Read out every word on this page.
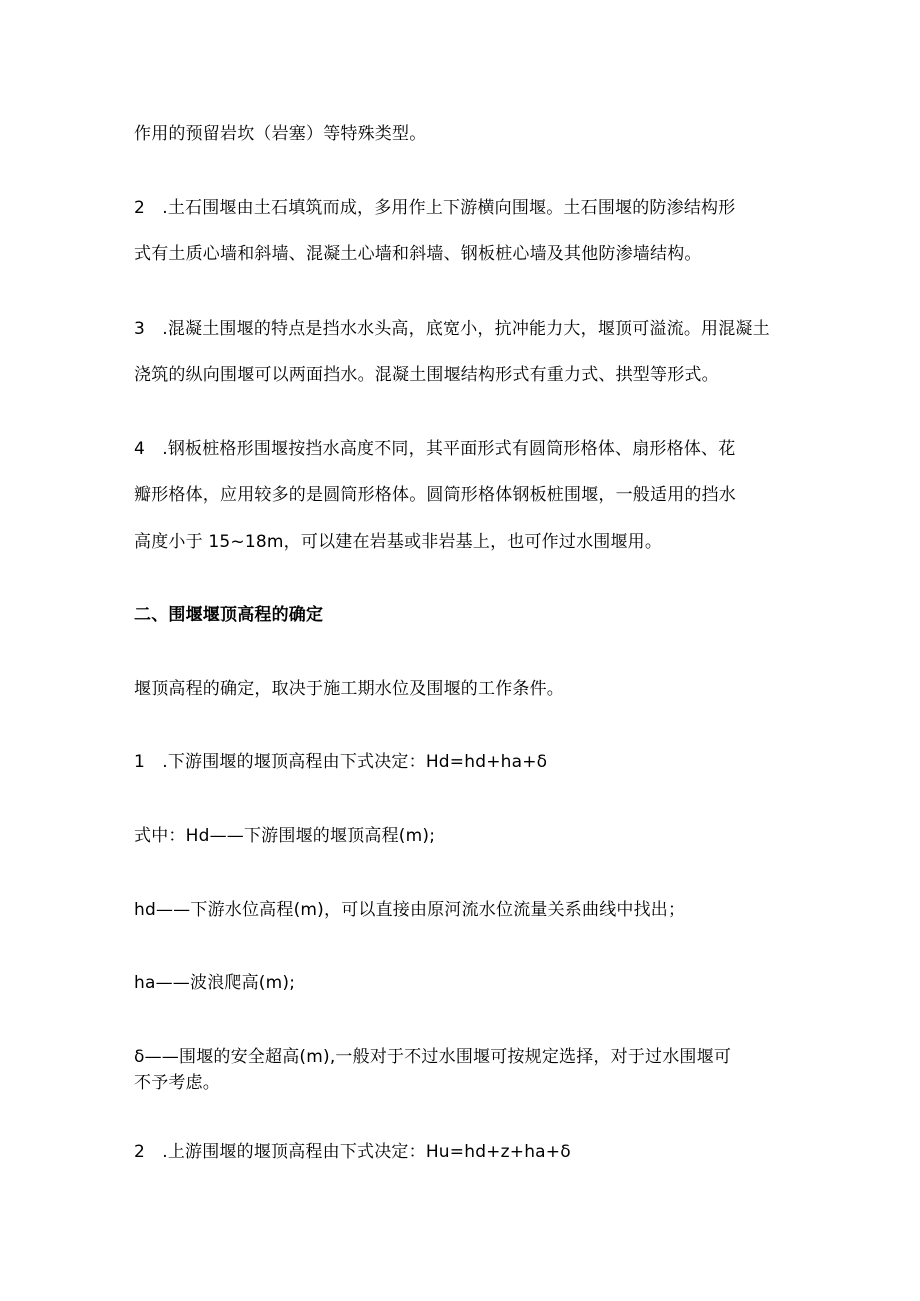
作用的预留岩坎（岩塞）等特殊类型。
2　.土石围堰由土石填筑而成，多用作上下游横向围堰。土石围堰的防渗结构形
式有土质心墙和斜墙、混凝土心墙和斜墙、钢板桩心墙及其他防渗墙结构。
3　.混凝土围堰的特点是挡水水头高，底宽小，抗冲能力大，堰顶可溢流。用混凝土
浇筑的纵向围堰可以两面挡水。混凝土围堰结构形式有重力式、拱型等形式。
4　.钢板桩格形围堰按挡水高度不同，其平面形式有圆筒形格体、扇形格体、花
瓣形格体，应用较多的是圆筒形格体。圆筒形格体钢板桩围堰，一般适用的挡水
高度小于 15~18m，可以建在岩基或非岩基上，也可作过水围堰用。
二、围堰堰顶高程的确定
堰顶高程的确定，取决于施工期水位及围堰的工作条件。
1　.下游围堰的堰顶高程由下式决定：Hd=hd+ha+δ
式中：Hd——下游围堰的堰顶高程(m);
hd——下游水位高程(m)，可以直接由原河流水位流量关系曲线中找出；
ha——波浪爬高(m);
δ——围堰的安全超高(m),一般对于不过水围堰可按规定选择，对于过水围堰可
不予考虑。
2　.上游围堰的堰顶高程由下式决定：Hu=hd+z+ha+δ
